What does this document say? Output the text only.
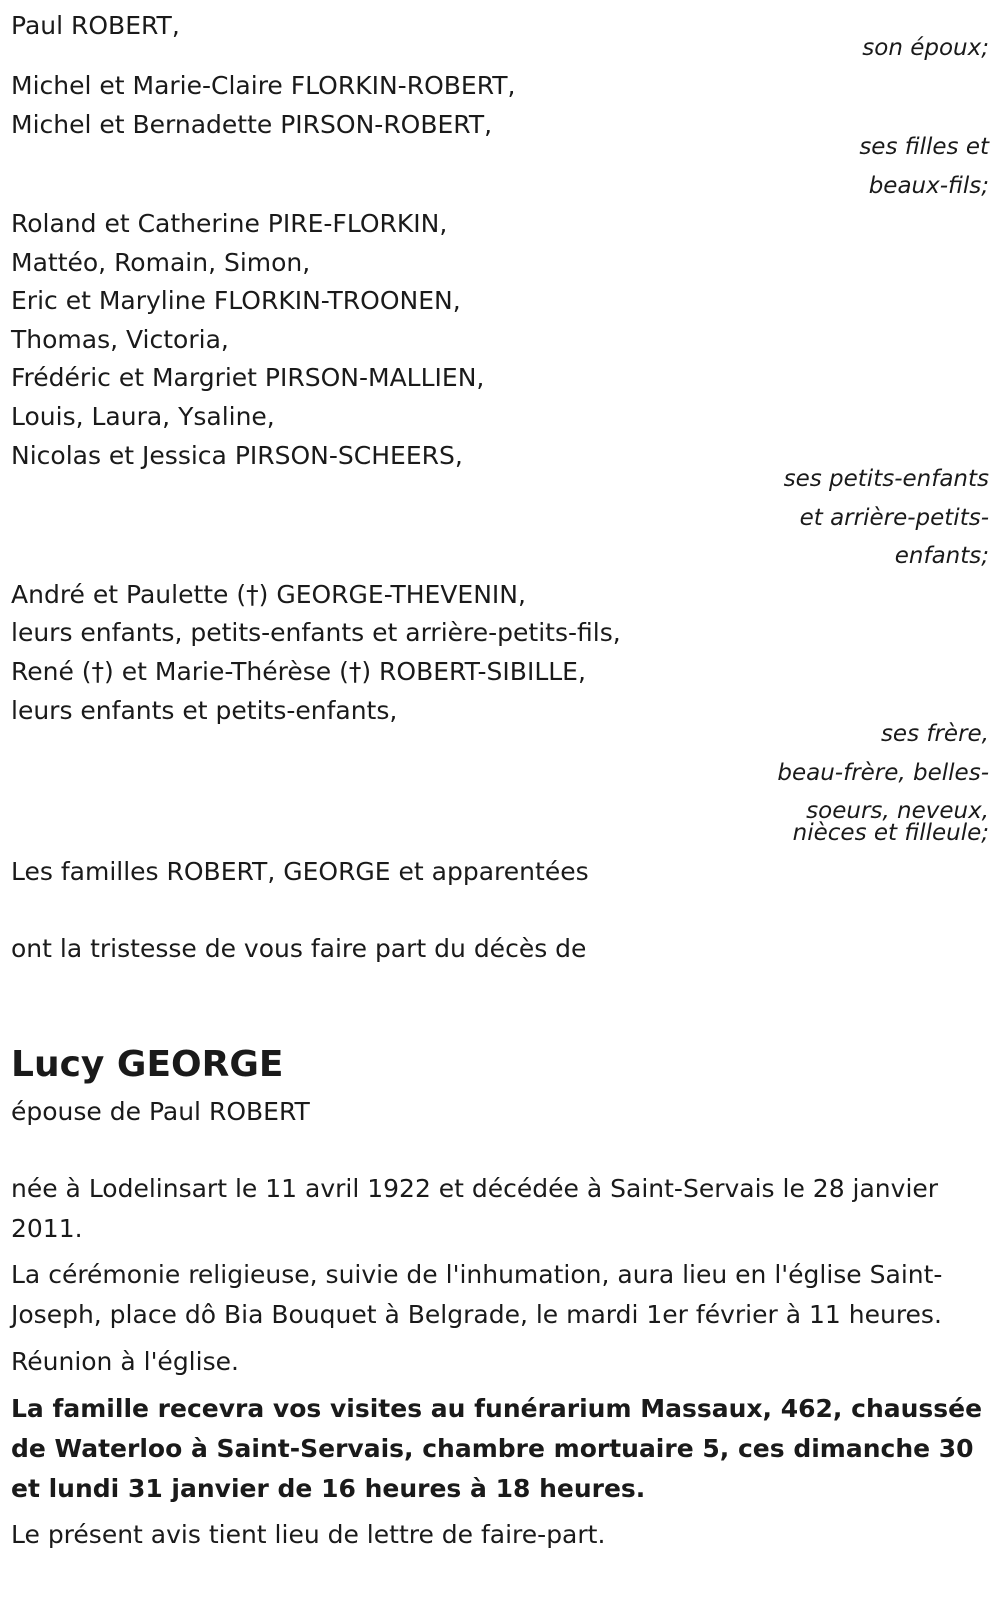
Paul ROBERT,

son époux;

Michel et Marie-Claire FLORKIN-ROBERT,

Michel et Bernadette PIRSON-ROBERT,

ses filles et

beaux-fils;

Roland et Catherine PIRE-FLORKIN,

Mattéo, Romain, Simon,

Eric et Maryline FLORKIN-TROONEN,

Thomas, Victoria,

Frédéric et Margriet PIRSON-MALLIEN,

Louis, Laura, Ysaline,

Nicolas et Jessica PIRSON-SCHEERS,

ses petits-enfants

et arrière-petits-

enfants;

André et Paulette (†) GEORGE-THEVENIN,

leurs enfants, petits-enfants et arrière-petits-fils,

René (†) et Marie-Thérèse (†) ROBERT-SIBILLE,

leurs enfants et petits-enfants,

ses frère,

beau-frère, belles-

soeurs, neveux,

nièces et filleule;

Les familles ROBERT, GEORGE et apparentées

ont la tristesse de vous faire part du décès de

Lucy GEORGE

épouse de Paul ROBERT

née à Lodelinsart le 11 avril 1922 et décédée à Saint-Servais le 28 janvier 2011.

La cérémonie religieuse, suivie de l'inhumation, aura lieu en l'église Saint-Joseph, place dô Bia Bouquet à Belgrade, le mardi 1er février à 11 heures.

Réunion à l'église.

La famille recevra vos visites au funérarium Massaux, 462, chaussée de Waterloo à Saint-Servais, chambre mortuaire 5, ces dimanche 30 et lundi 31 janvier de 16 heures à 18 heures.

Le présent avis tient lieu de lettre de faire-part.
